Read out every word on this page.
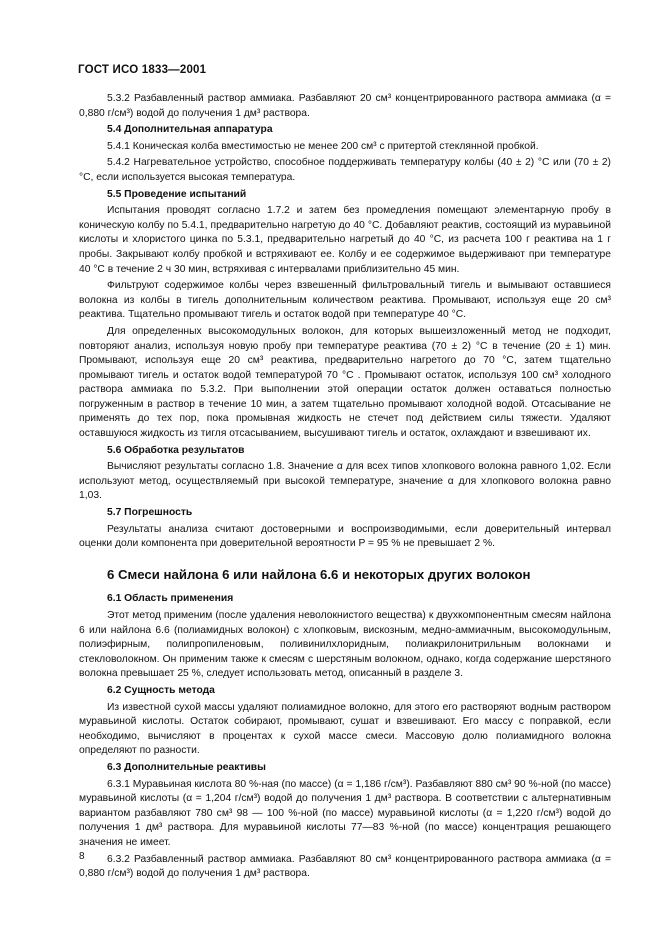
ГОСТ ИСО 1833—2001

5.3.2 Разбавленный раствор аммиака. Разбавляют 20 см³ концентрированного раствора аммиака (α = 0,880 г/см³) водой до получения 1 дм³ раствора.

5.4 Дополнительная аппаратура

5.4.1 Коническая колба вместимостью не менее 200 см³ с притертой стеклянной пробкой.

5.4.2 Нагревательное устройство, способное поддерживать температуру колбы (40 ± 2) °С или (70 ± 2) °С, если используется высокая температура.

5.5 Проведение испытаний

Испытания проводят согласно 1.7.2 и затем без промедления помещают элементарную пробу в коническую колбу по 5.4.1, предварительно нагретую до 40 °С. Добавляют реактив, состоящий из муравьиной кислоты и хлористого цинка по 5.3.1, предварительно нагретый до 40 °С, из расчета 100 г реактива на 1 г пробы. Закрывают колбу пробкой и встряхивают ее. Колбу и ее содержимое выдерживают при температуре 40 °С в течение 2 ч 30 мин, встряхивая с интервалами приблизительно 45 мин.

Фильтруют содержимое колбы через взвешенный фильтровальный тигель и вымывают оставшиеся волокна из колбы в тигель дополнительным количеством реактива. Промывают, используя еще 20 см³ реактива. Тщательно промывают тигель и остаток водой при температуре 40 °С.

Для определенных высокомодульных волокон, для которых вышеизложенный метод не подходит, повторяют анализ, используя новую пробу при температуре реактива (70 ± 2) °С в течение (20 ± 1) мин. Промывают, используя еще 20 см³ реактива, предварительно нагретого до 70 °С, затем тщательно промывают тигель и остаток водой температурой 70 °С . Промывают остаток, используя 100 см³ холодного раствора аммиака по 5.3.2. При выполнении этой операции остаток должен оставаться полностью погруженным в раствор в течение 10 мин, а затем тщательно промывают холодной водой. Отсасывание не применять до тех пор, пока промывная жидкость не стечет под действием силы тяжести. Удаляют оставшуюся жидкость из тигля отсасыванием, высушивают тигель и остаток, охлаждают и взвешивают их.

5.6 Обработка результатов

Вычисляют результаты согласно 1.8. Значение α для всех типов хлопкового волокна равного 1,02. Если используют метод, осуществляемый при высокой температуре, значение α для хлопкового волокна равно 1,03.

5.7 Погрешность

Результаты анализа считают достоверными и воспроизводимыми, если доверительный интервал оценки доли компонента при доверительной вероятности P = 95 % не превышает 2 %.

6 Смеси найлона 6 или найлона 6.6 и некоторых других волокон

6.1 Область применения

Этот метод применим (после удаления неволокнистого вещества) к двухкомпонентным смесям найлона 6 или найлона 6.6 (полиамидных волокон) с хлопковым, вискозным, медно-аммиачным, высокомодульным, полиэфирным, полипропиленовым, поливинилхлоридным, полиакрилонитрильным волокнами и стекловолокном. Он применим также к смесям с шерстяным волокном, однако, когда содержание шерстяного волокна превышает 25 %, следует использовать метод, описанный в разделе 3.

6.2 Сущность метода

Из известной сухой массы удаляют полиамидное волокно, для этого его растворяют водным раствором муравьиной кислоты. Остаток собирают, промывают, сушат и взвешивают. Его массу с поправкой, если необходимо, вычисляют в процентах к сухой массе смеси. Массовую долю полиамидного волокна определяют по разности.

6.3 Дополнительные реактивы

6.3.1 Муравьиная кислота 80 %-ная (по массе) (α = 1,186 г/см³). Разбавляют 880 см³ 90 %-ной (по массе) муравьиной кислоты (α = 1,204 г/см³) водой до получения 1 дм³ раствора. В соответствии с альтернативным вариантом разбавляют 780 см³ 98 — 100 %-ной (по массе) муравьиной кислоты (α = 1,220 г/см³) водой до получения 1 дм³ раствора. Для муравьиной кислоты 77—83 %-ной (по массе) концентрация решающего значения не имеет.

6.3.2 Разбавленный раствор аммиака. Разбавляют 80 см³ концентрированного раствора аммиака (α = 0,880 г/см³) водой до получения 1 дм³ раствора.

8
